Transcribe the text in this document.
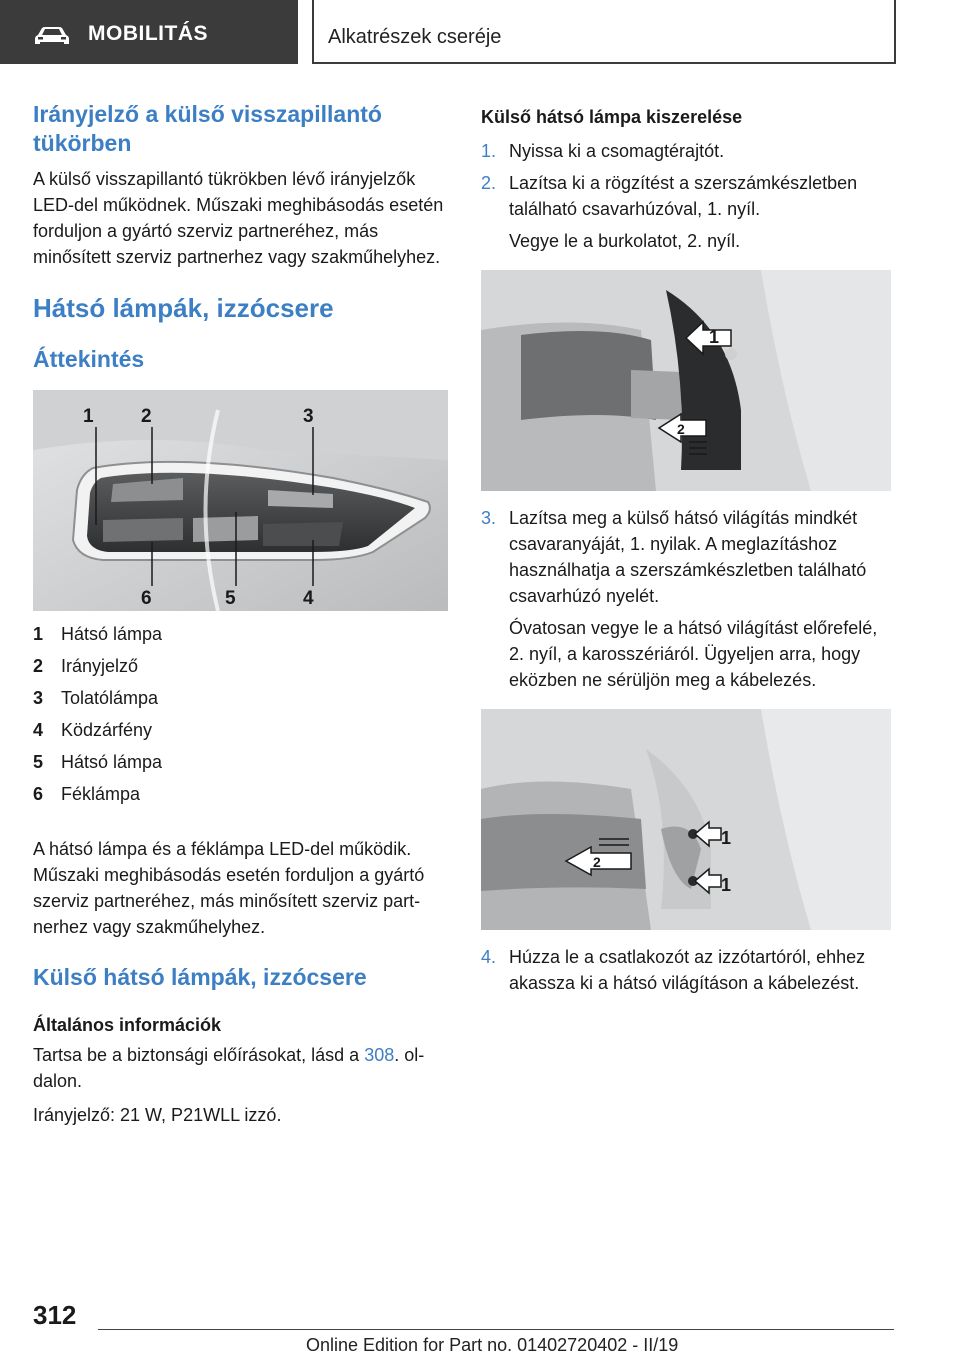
MOBILITÁS	Alkatrészek cseréje
Irányjelző a külső visszapillantó tükörben
A külső visszapillantó tükrökben lévő irányjelzők LED-del működnek. Műszaki meghibásodás esetén forduljon a gyártó szerviz partneréhez, más minősített szerviz partnerhez vagy szakműhelyhez.
Hátsó lámpák, izzócsere
Áttekintés
1 2	3
4
5
6
1 Hátsó lámpa
2 Irányjelző
3 Tolatólámpa
4 Ködzárfény
5 Hátsó lámpa
6 Féklámpa
A hátsó lámpa és a féklámpa LED-del működik. Műszaki meghibásodás esetén forduljon a gyártó szerviz partneréhez, más minősített szerviz partnerhez vagy szakműhelyhez.
Külső hátsó lámpák, izzócsere
Általános információk
Tartsa be a biztonsági előírásokat, lásd a 308. oldalon.
Irányjelző: 21 W, P21WLL izzó.
Külső hátsó lámpa kiszerelése
1. Nyissa ki a csomagtérajtót.
2. Lazítsa ki a rögzítést a szerszámkészletben található csavarhúzóval, 1. nyíl.
Vegye le a burkolatot, 2. nyíl.
1
2
3. Lazítsa meg a külső hátsó világítás mindkét csavaranyáját, 1. nyilak. A meglazításhoz használhatja a szerszámkészletben található csavarhúzó nyelét.
Óvatosan vegye le a hátsó világítást előrefelé, 2. nyíl, a karosszériáról. Ügyeljen arra, hogy eközben ne sérüljön meg a kábelezés.
1
2
1
4. Húzza le a csatlakozót az izzótartóról, ehhez akassza ki a hátsó világításon a kábelezést.
312
Online Edition for Part no. 01402720402 - II/19
